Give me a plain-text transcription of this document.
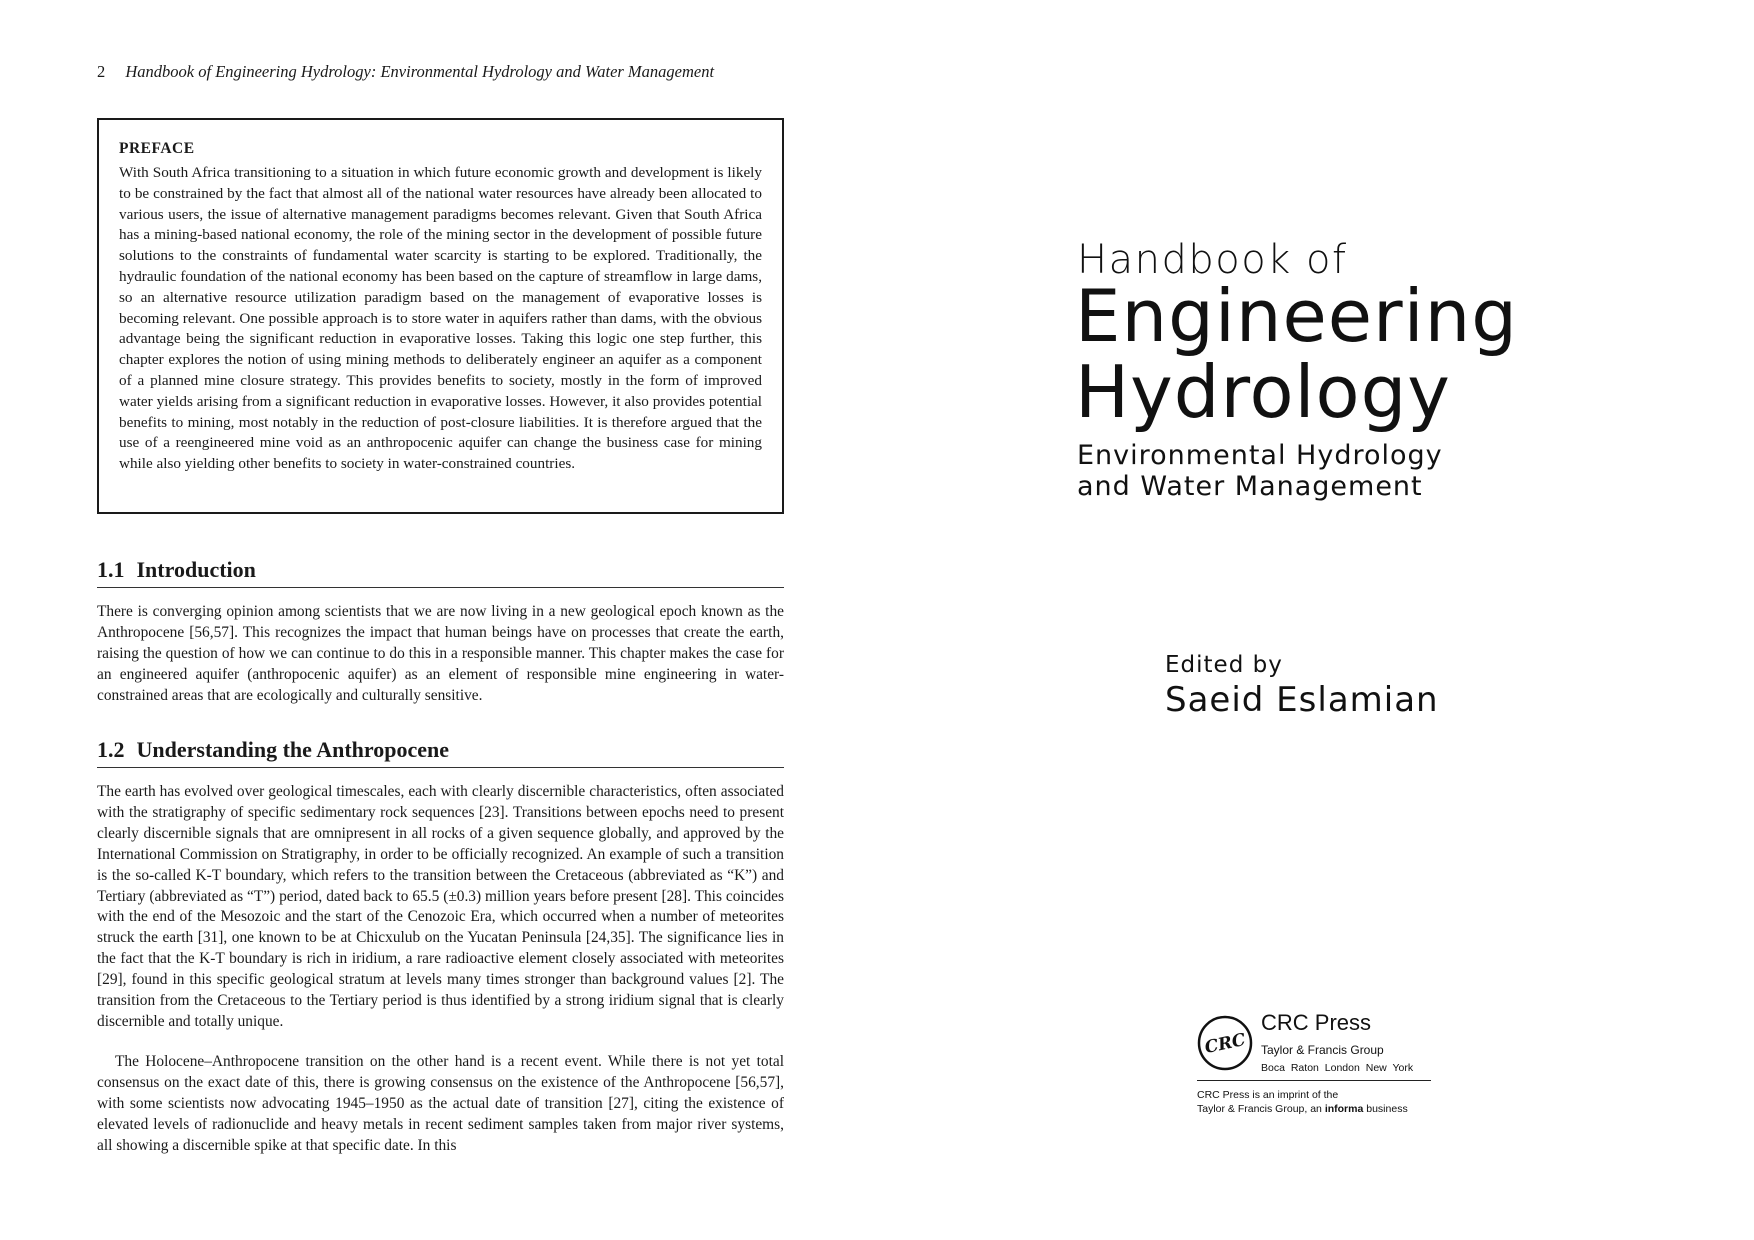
2 Handbook of Engineering Hydrology: Environmental Hydrology and Water Management

PREFACE

With South Africa transitioning to a situation in which future economic growth and development is likely to be constrained by the fact that almost all of the national water resources have already been allocated to various users, the issue of alternative management paradigms becomes relevant. Given that South Africa has a mining-based national economy, the role of the mining sector in the development of possible future solutions to the constraints of fundamental water scarcity is starting to be explored. Traditionally, the hydraulic foundation of the national economy has been based on the capture of streamflow in large dams, so an alternative resource utilization paradigm based on the management of evaporative losses is becoming relevant. One possible approach is to store water in aquifers rather than dams, with the obvious advantage being the significant reduction in evaporative losses. Taking this logic one step further, this chapter explores the notion of using mining methods to deliberately engineer an aquifer as a component of a planned mine closure strategy. This provides benefits to society, mostly in the form of improved water yields arising from a significant reduction in evaporative losses. However, it also provides potential benefits to mining, most notably in the reduction of post-closure liabilities. It is therefore argued that the use of a reengineered mine void as an anthropocenic aquifer can change the business case for mining while also yielding other benefits to society in water-constrained countries.

1.1 Introduction

There is converging opinion among scientists that we are now living in a new geological epoch known as the Anthropocene [56,57]. This recognizes the impact that human beings have on processes that create the earth, raising the question of how we can continue to do this in a responsible manner. This chapter makes the case for an engineered aquifer (anthropocenic aquifer) as an element of responsible mine engineering in water-constrained areas that are ecologically and culturally sensitive.

1.2 Understanding the Anthropocene

The earth has evolved over geological timescales, each with clearly discernible characteristics, often associated with the stratigraphy of specific sedimentary rock sequences [23]. Transitions between epochs need to present clearly discernible signals that are omnipresent in all rocks of a given sequence globally, and approved by the International Commission on Stratigraphy, in order to be officially recognized. An example of such a transition is the so-called K-T boundary, which refers to the transition between the Cretaceous (abbreviated as “K”) and Tertiary (abbreviated as “T”) period, dated back to 65.5 (±0.3) million years before present [28]. This coincides with the end of the Mesozoic and the start of the Cenozoic Era, which occurred when a number of meteorites struck the earth [31], one known to be at Chicxulub on the Yucatan Peninsula [24,35]. The significance lies in the fact that the K-T boundary is rich in iridium, a rare radioactive element closely associated with meteorites [29], found in this specific geological stratum at levels many times stronger than background values [2]. The transition from the Cretaceous to the Tertiary period is thus identified by a strong iridium signal that is clearly discernible and totally unique.

The Holocene–Anthropocene transition on the other hand is a recent event. While there is not yet total consensus on the exact date of this, there is growing consensus on the existence of the Anthropocene [56,57], with some scientists now advocating 1945–1950 as the actual date of transition [27], citing the existence of elevated levels of radionuclide and heavy metals in recent sediment samples taken from major river systems, all showing a discernible spike at that specific date. In this

Handbook of
Engineering
Hydrology
Environmental Hydrology
and Water Management
Edited by
Saeid Eslamian
CRC
CRC Press
Taylor & Francis Group
Boca Raton London New York
CRC Press is an imprint of the
Taylor & Francis Group, an informa business
